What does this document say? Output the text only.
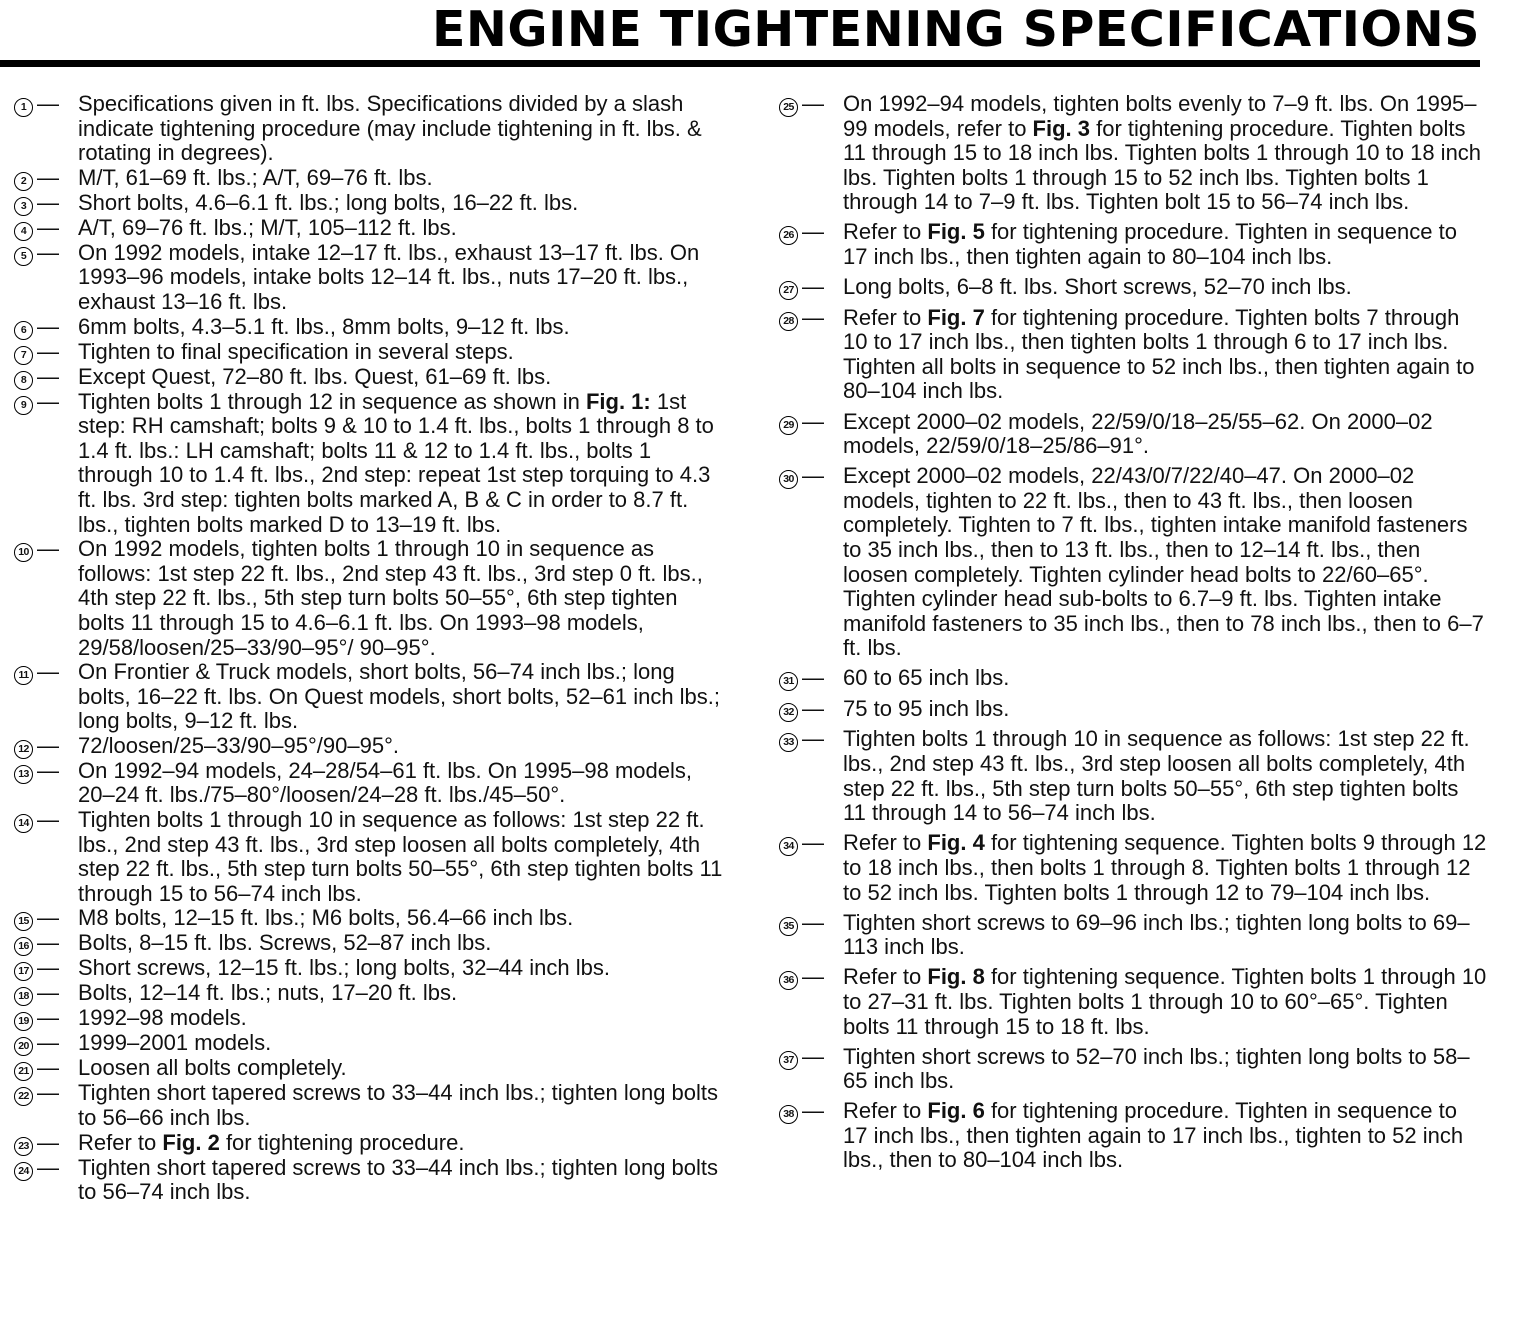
ENGINE TIGHTENING SPECIFICATIONS
1 — Specifications given in ft. lbs. Specifications divided by a slash indicate tightening procedure (may include tightening in ft. lbs. & rotating in degrees).
2 — M/T, 61–69 ft. lbs.; A/T, 69–76 ft. lbs.
3 — Short bolts, 4.6–6.1 ft. lbs.; long bolts, 16–22 ft. lbs.
4 — A/T, 69–76 ft. lbs.; M/T, 105–112 ft. lbs.
5 — On 1992 models, intake 12–17 ft. lbs., exhaust 13–17 ft. lbs. On 1993–96 models, intake bolts 12–14 ft. lbs., nuts 17–20 ft. lbs., exhaust 13–16 ft. lbs.
6 — 6mm bolts, 4.3–5.1 ft. lbs., 8mm bolts, 9–12 ft. lbs.
7 — Tighten to final specification in several steps.
8 — Except Quest, 72–80 ft. lbs. Quest, 61–69 ft. lbs.
9 — Tighten bolts 1 through 12 in sequence as shown in Fig. 1: 1st step: RH camshaft; bolts 9 & 10 to 1.4 ft. lbs., bolts 1 through 8 to 1.4 ft. lbs.: LH camshaft; bolts 11 & 12 to 1.4 ft. lbs., bolts 1 through 10 to 1.4 ft. lbs., 2nd step: repeat 1st step torquing to 4.3 ft. lbs. 3rd step: tighten bolts marked A, B & C in order to 8.7 ft. lbs., tighten bolts marked D to 13–19 ft. lbs.
10 — On 1992 models, tighten bolts 1 through 10 in sequence as follows: 1st step 22 ft. lbs., 2nd step 43 ft. lbs., 3rd step 0 ft. lbs., 4th step 22 ft. lbs., 5th step turn bolts 50–55°, 6th step tighten bolts 11 through 15 to 4.6–6.1 ft. lbs. On 1993–98 models, 29/58/loosen/25–33/90–95°/ 90–95°.
11 — On Frontier & Truck models, short bolts, 56–74 inch lbs.; long bolts, 16–22 ft. lbs. On Quest models, short bolts, 52–61 inch lbs.; long bolts, 9–12 ft. lbs.
12 — 72/loosen/25–33/90–95°/90–95°.
13 — On 1992–94 models, 24–28/54–61 ft. lbs. On 1995–98 models, 20–24 ft. lbs./75–80°/loosen/24–28 ft. lbs./45–50°.
14 — Tighten bolts 1 through 10 in sequence as follows: 1st step 22 ft. lbs., 2nd step 43 ft. lbs., 3rd step loosen all bolts completely, 4th step 22 ft. lbs., 5th step turn bolts 50–55°, 6th step tighten bolts 11 through 15 to 56–74 inch lbs.
15 — M8 bolts, 12–15 ft. lbs.; M6 bolts, 56.4–66 inch lbs.
16 — Bolts, 8–15 ft. lbs. Screws, 52–87 inch lbs.
17 — Short screws, 12–15 ft. lbs.; long bolts, 32–44 inch lbs.
18 — Bolts, 12–14 ft. lbs.; nuts, 17–20 ft. lbs.
19 — 1992–98 models.
20 — 1999–2001 models.
21 — Loosen all bolts completely.
22 — Tighten short tapered screws to 33–44 inch lbs.; tighten long bolts to 56–66 inch lbs.
23 — Refer to Fig. 2 for tightening procedure.
24 — Tighten short tapered screws to 33–44 inch lbs.; tighten long bolts to 56–74 inch lbs.
25 — On 1992–94 models, tighten bolts evenly to 7–9 ft. lbs. On 1995–99 models, refer to Fig. 3 for tightening procedure. Tighten bolts 11 through 15 to 18 inch lbs. Tighten bolts 1 through 10 to 18 inch lbs. Tighten bolts 1 through 15 to 52 inch lbs. Tighten bolts 1 through 14 to 7–9 ft. lbs. Tighten bolt 15 to 56–74 inch lbs.
26 — Refer to Fig. 5 for tightening procedure. Tighten in sequence to 17 inch lbs., then tighten again to 80–104 inch lbs.
27 — Long bolts, 6–8 ft. lbs. Short screws, 52–70 inch lbs.
28 — Refer to Fig. 7 for tightening procedure. Tighten bolts 7 through 10 to 17 inch lbs., then tighten bolts 1 through 6 to 17 inch lbs. Tighten all bolts in sequence to 52 inch lbs., then tighten again to 80–104 inch lbs.
29 — Except 2000–02 models, 22/59/0/18–25/55–62. On 2000–02 models, 22/59/0/18–25/86–91°.
30 — Except 2000–02 models, 22/43/0/7/22/40–47. On 2000–02 models, tighten to 22 ft. lbs., then to 43 ft. lbs., then loosen completely. Tighten to 7 ft. lbs., tighten intake manifold fasteners to 35 inch lbs., then to 13 ft. lbs., then to 12–14 ft. lbs., then loosen completely. Tighten cylinder head bolts to 22/60–65°. Tighten cylinder head sub-bolts to 6.7–9 ft. lbs. Tighten intake manifold fasteners to 35 inch lbs., then to 78 inch lbs., then to 6–7 ft. lbs.
31 — 60 to 65 inch lbs.
32 — 75 to 95 inch lbs.
33 — Tighten bolts 1 through 10 in sequence as follows: 1st step 22 ft. lbs., 2nd step 43 ft. lbs., 3rd step loosen all bolts completely, 4th step 22 ft. lbs., 5th step turn bolts 50–55°, 6th step tighten bolts 11 through 14 to 56–74 inch lbs.
34 — Refer to Fig. 4 for tightening sequence. Tighten bolts 9 through 12 to 18 inch lbs., then bolts 1 through 8. Tighten bolts 1 through 12 to 52 inch lbs. Tighten bolts 1 through 12 to 79–104 inch lbs.
35 — Tighten short screws to 69–96 inch lbs.; tighten long bolts to 69–113 inch lbs.
36 — Refer to Fig. 8 for tightening sequence. Tighten bolts 1 through 10 to 27–31 ft. lbs. Tighten bolts 1 through 10 to 60°–65°. Tighten bolts 11 through 15 to 18 ft. lbs.
37 — Tighten short screws to 52–70 inch lbs.; tighten long bolts to 58–65 inch lbs.
38 — Refer to Fig. 6 for tightening procedure. Tighten in sequence to 17 inch lbs., then tighten again to 17 inch lbs., tighten to 52 inch lbs., then to 80–104 inch lbs.
